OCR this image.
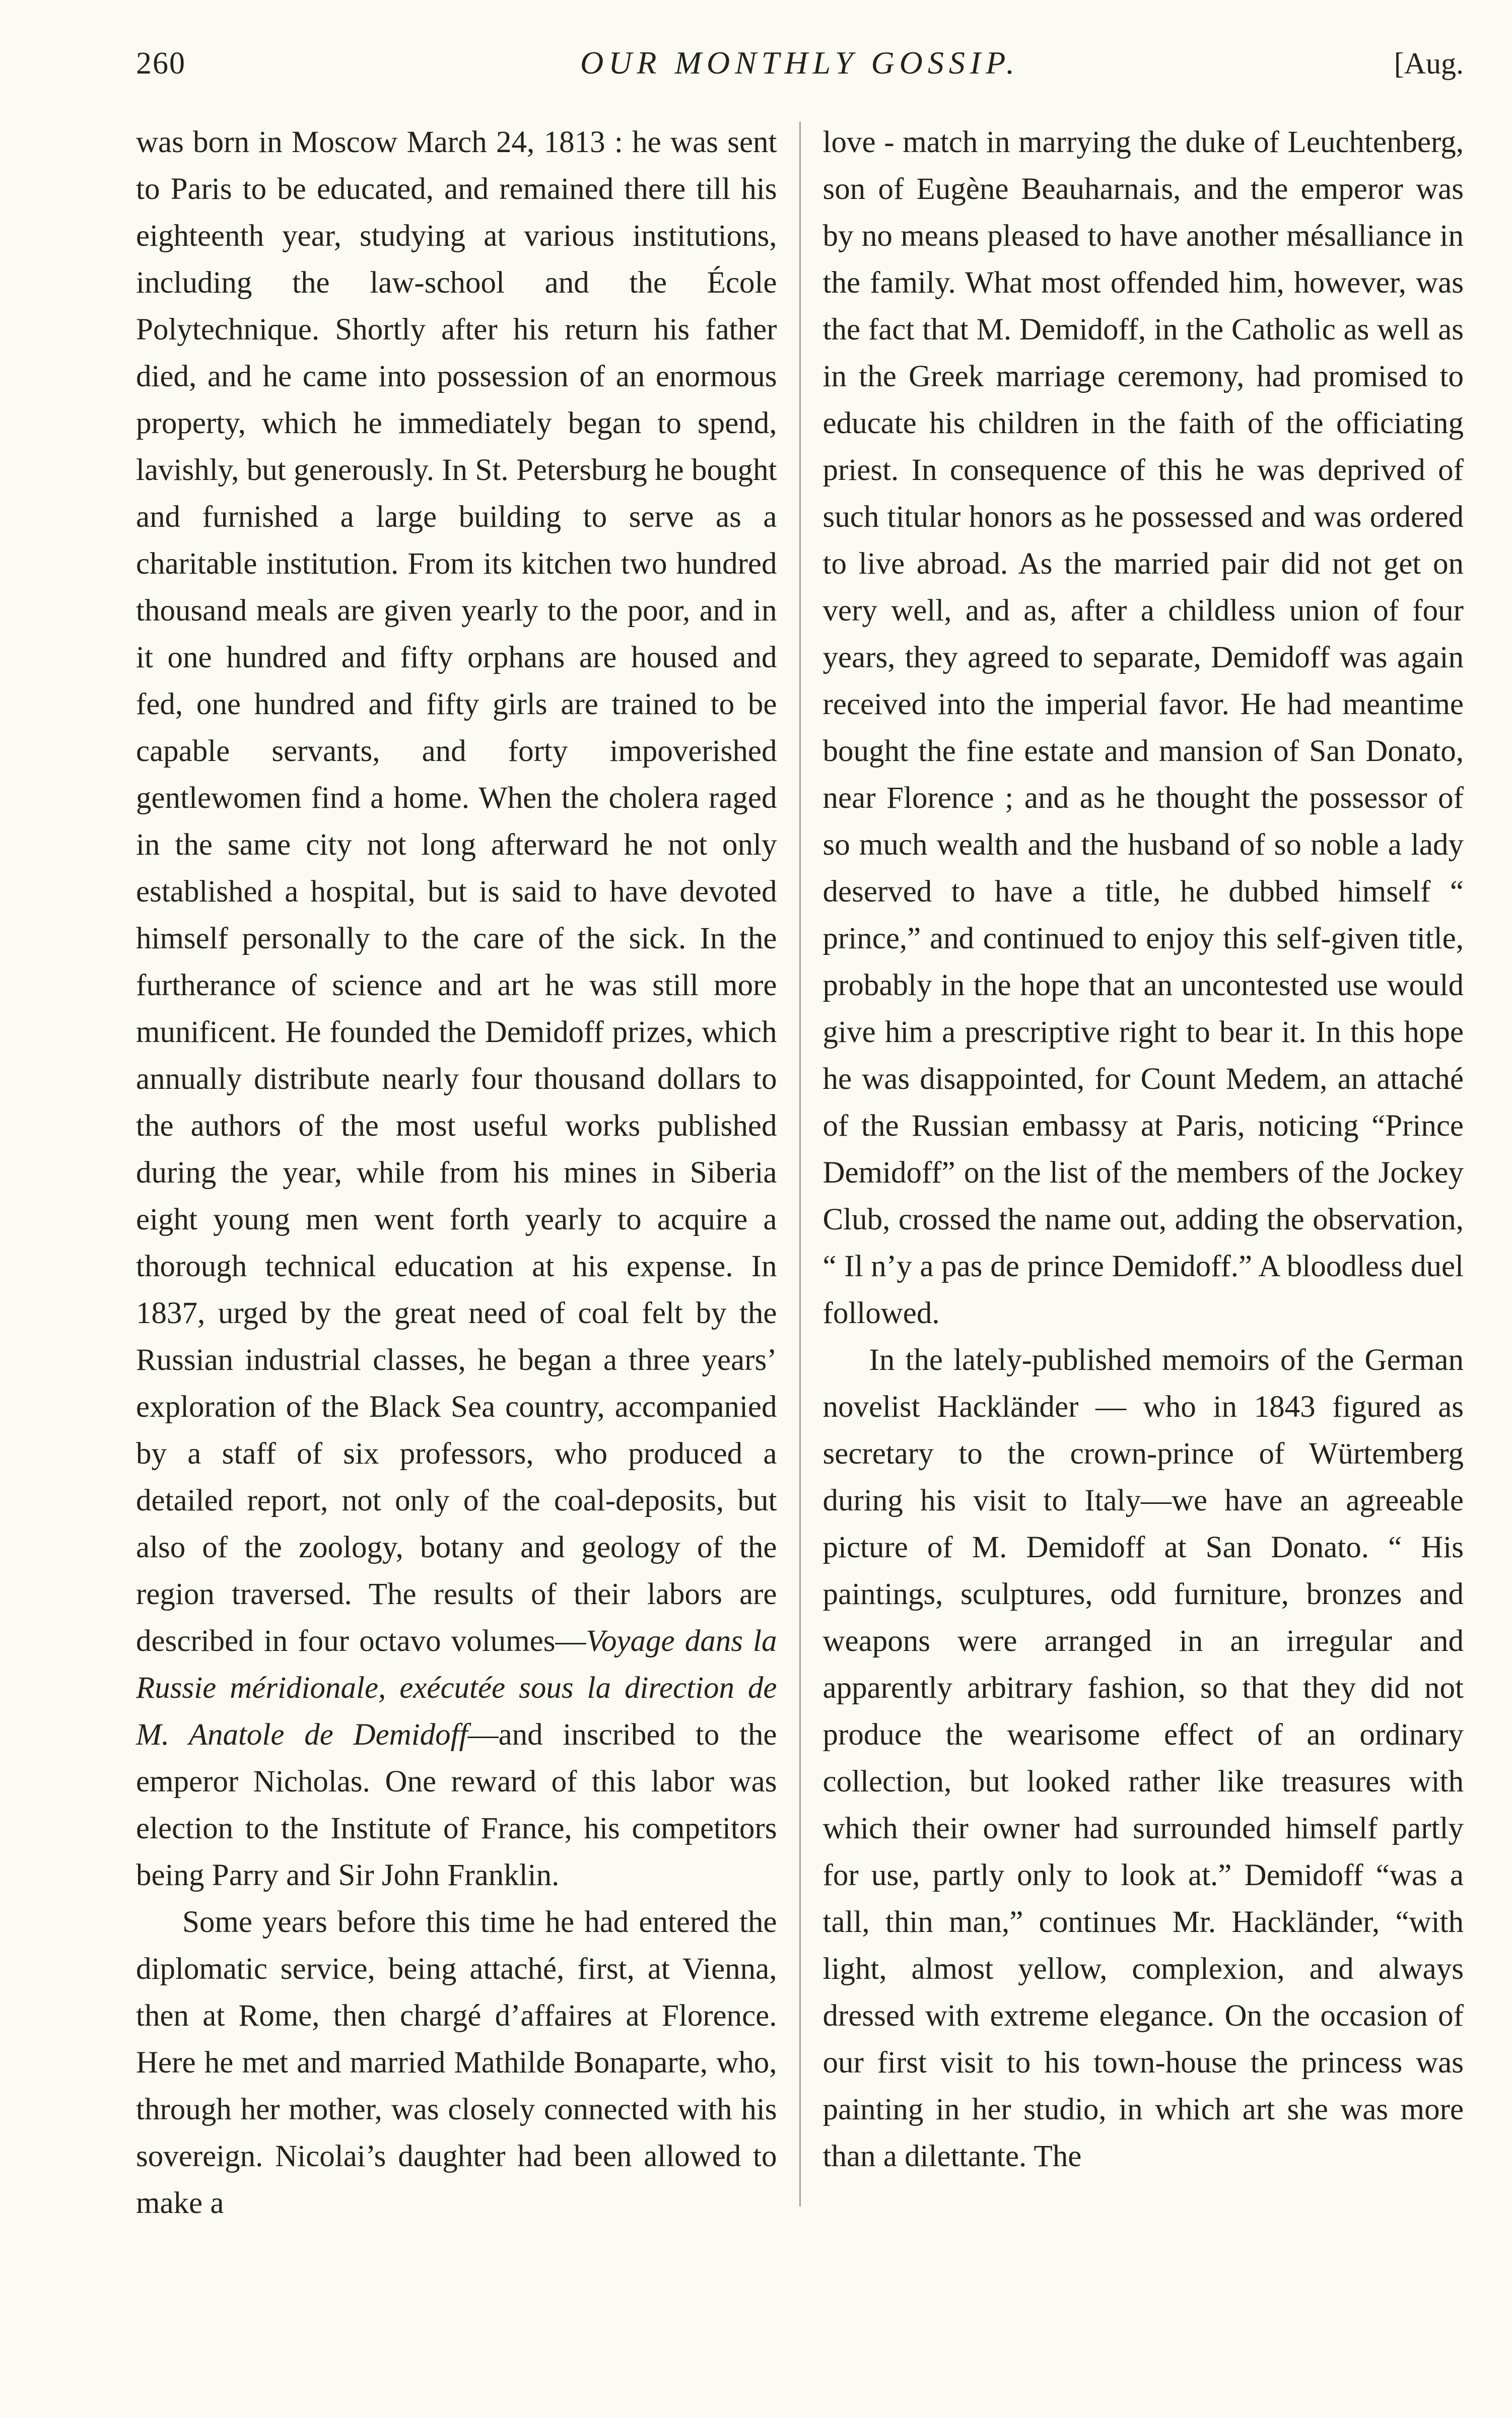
260	OUR MONTHLY GOSSIP.	[Aug.

was born in Moscow March 24, 1813 : he was sent to Paris to be educated, and remained there till his eighteenth year, studying at various institutions, including the law-school and the École Polytechnique. Shortly after his return his father died, and he came into possession of an enormous property, which he immediately began to spend, lavishly, but generously. In St. Petersburg he bought and furnished a large building to serve as a charitable institution. From its kitchen two hundred thousand meals are given yearly to the poor, and in it one hundred and fifty orphans are housed and fed, one hundred and fifty girls are trained to be capable servants, and forty impoverished gentlewomen find a home. When the cholera raged in the same city not long afterward he not only established a hospital, but is said to have devoted himself personally to the care of the sick. In the furtherance of science and art he was still more munificent. He founded the Demidoff prizes, which annually distribute nearly four thousand dollars to the authors of the most useful works published during the year, while from his mines in Siberia eight young men went forth yearly to acquire a thorough technical education at his expense. In 1837, urged by the great need of coal felt by the Russian industrial classes, he began a three years’ exploration of the Black Sea country, accompanied by a staff of six professors, who produced a detailed report, not only of the coal-deposits, but also of the zoology, botany and geology of the region traversed. The results of their labors are described in four octavo volumes—Voyage dans la Russie méridionale, exécutée sous la direction de M. Anatole de Demidoff—and inscribed to the emperor Nicholas. One reward of this labor was election to the Institute of France, his competitors being Parry and Sir John Franklin.

Some years before this time he had entered the diplomatic service, being attaché, first, at Vienna, then at Rome, then chargé d’affaires at Florence. Here he met and married Mathilde Bonaparte, who, through her mother, was closely connected with his sovereign. Nicolai’s daughter had been allowed to make a

love - match in marrying the duke of Leuchtenberg, son of Eugène Beauharnais, and the emperor was by no means pleased to have another mésalliance in the family. What most offended him, however, was the fact that M. Demidoff, in the Catholic as well as in the Greek marriage ceremony, had promised to educate his children in the faith of the officiating priest. In consequence of this he was deprived of such titular honors as he possessed and was ordered to live abroad. As the married pair did not get on very well, and as, after a childless union of four years, they agreed to separate, Demidoff was again received into the imperial favor. He had meantime bought the fine estate and mansion of San Donato, near Florence ; and as he thought the possessor of so much wealth and the husband of so noble a lady deserved to have a title, he dubbed himself “ prince,” and continued to enjoy this self-given title, probably in the hope that an uncontested use would give him a prescriptive right to bear it. In this hope he was disappointed, for Count Medem, an attaché of the Russian embassy at Paris, noticing “Prince Demidoff” on the list of the members of the Jockey Club, crossed the name out, adding the observation, “ Il n’y a pas de prince Demidoff.” A bloodless duel followed.

In the lately-published memoirs of the German novelist Hackländer — who in 1843 figured as secretary to the crown-prince of Würtemberg during his visit to Italy—we have an agreeable picture of M. Demidoff at San Donato. “ His paintings, sculptures, odd furniture, bronzes and weapons were arranged in an irregular and apparently arbitrary fashion, so that they did not produce the wearisome effect of an ordinary collection, but looked rather like treasures with which their owner had surrounded himself partly for use, partly only to look at.” Demidoff “was a tall, thin man,” continues Mr. Hackländer, “with light, almost yellow, complexion, and always dressed with extreme elegance. On the occasion of our first visit to his town-house the princess was painting in her studio, in which art she was more than a dilettante. The
